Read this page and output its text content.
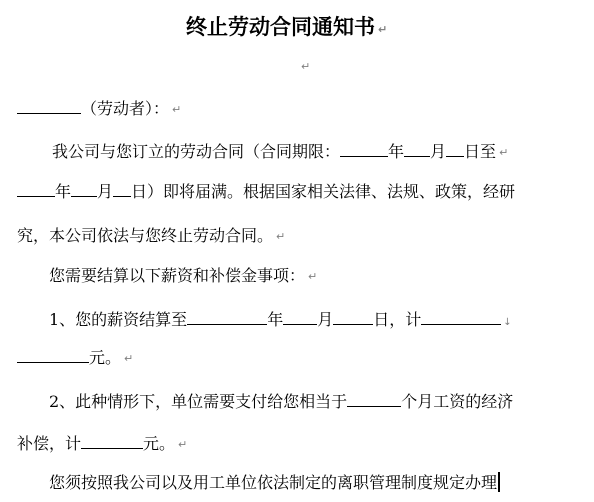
终止劳动合同通知书 ↵
↵
（劳动者）： ↵
我公司与您订立的劳动合同（合同期限：	年 月 日至 ↵
年 月 日）即将届满。根据国家相关法律、法规、政策，经研
究，本公司依法与您终止劳动合同。 ↵
您需要结算以下薪资和补偿金事项： ↵
1、您的薪资结算至	年 月	日，计	↓
元。 ↵
2、此种情形下，单位需要支付给您相当于	个月工资的经济
补偿，计	元。 ↵
您须按照我公司以及用工单位依法制定的离职管理制度规定办理
